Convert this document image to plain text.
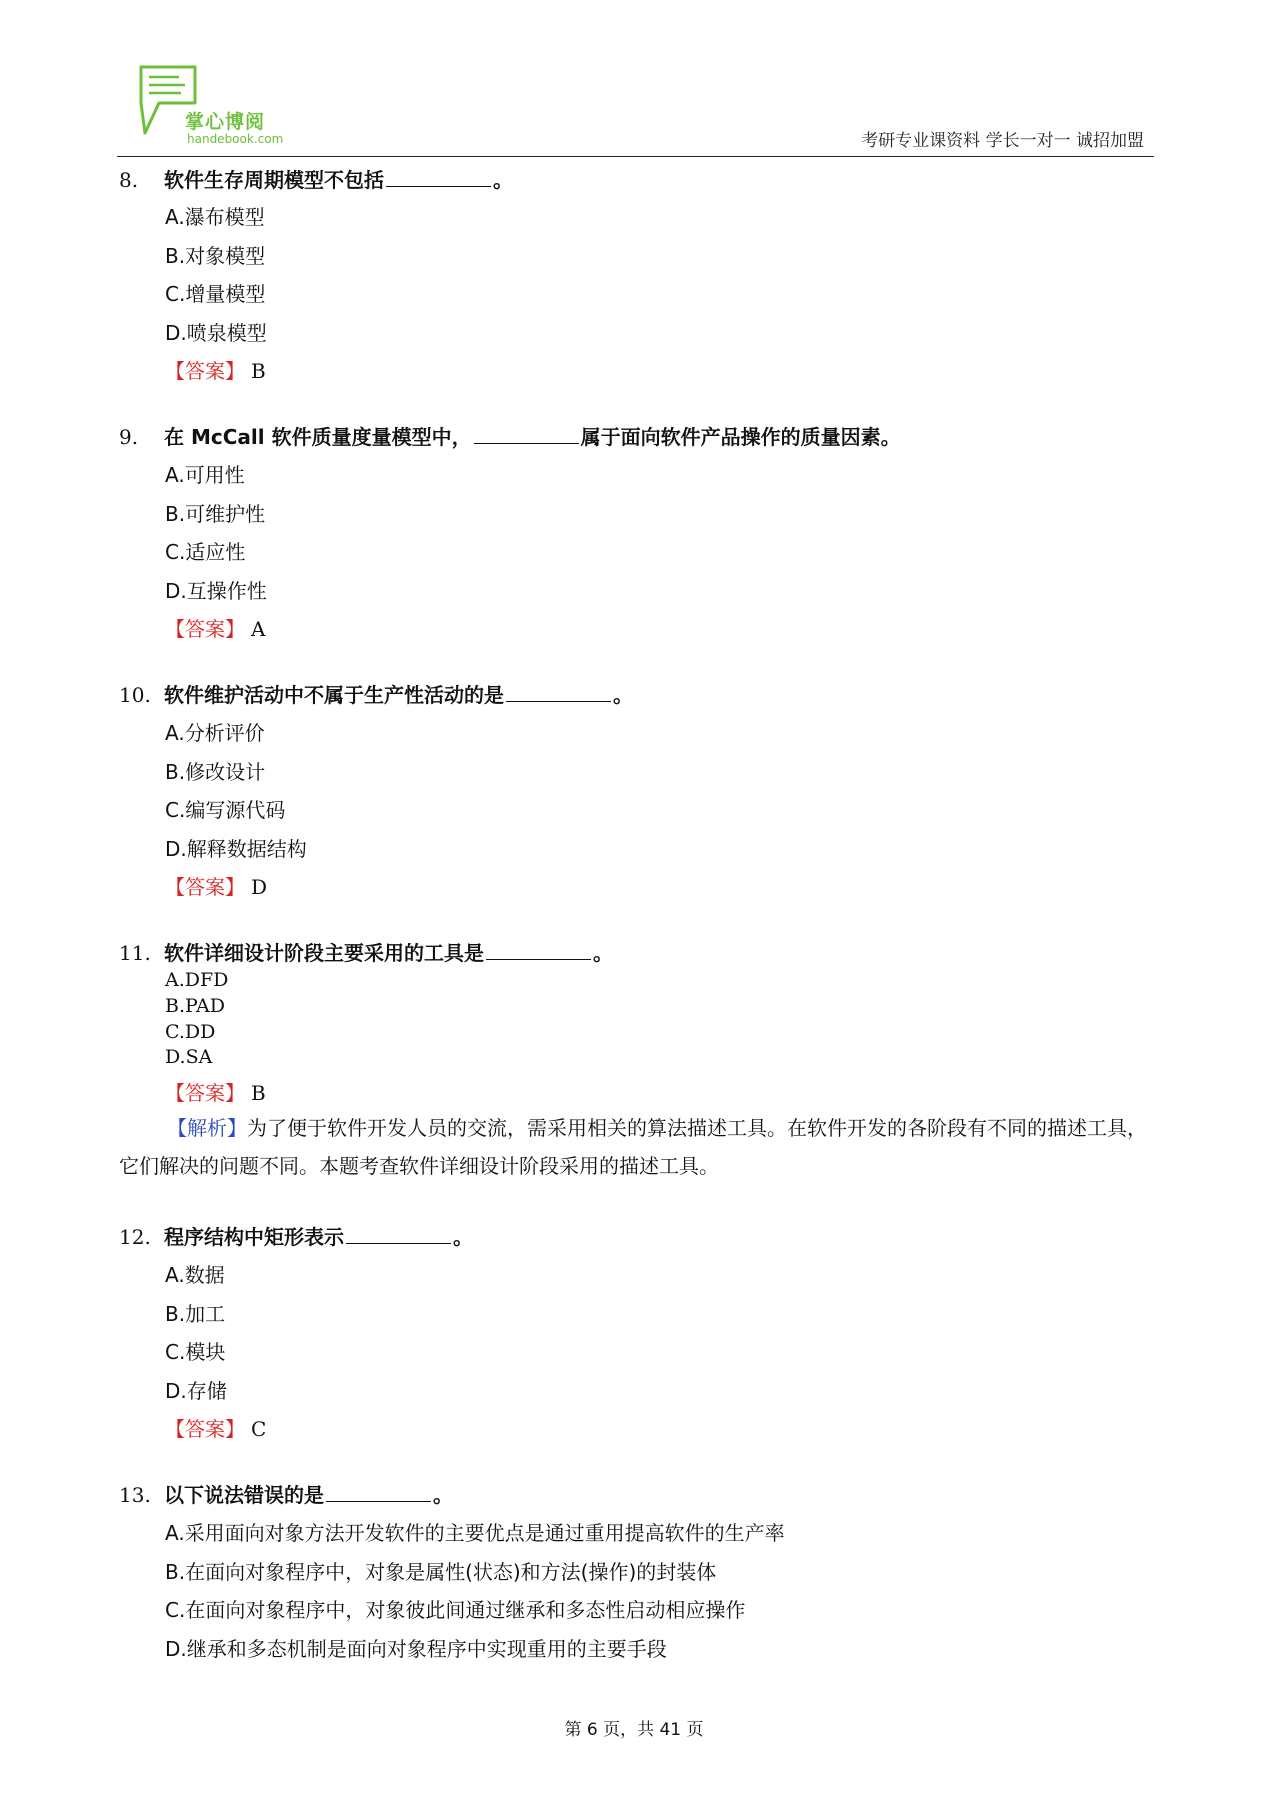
掌心博阅
handebook.com	考研专业课资料 学长一对一 诚招加盟
8. 软件生存周期模型不包括	。
A.瀑布模型
B.对象模型
C.增量模型
D.喷泉模型
【答案】 B
9. 在 McCall 软件质量度量模型中，	属于面向软件产品操作的质量因素。
A.可用性
B.可维护性
C.适应性
D.互操作性
【答案】 A
10. 软件维护活动中不属于生产性活动的是	。
A.分析评价
B.修改设计
C.编写源代码
D.解释数据结构
【答案】 D
11. 软件详细设计阶段主要采用的工具是	。
A.DFD
B.PAD
C.DD
D.SA
【答案】 B
【解析】为了便于软件开发人员的交流，需采用相关的算法描述工具。在软件开发的各阶段有不同的描述工具，它们解决的问题不同。本题考查软件详细设计阶段采用的描述工具。
12. 程序结构中矩形表示	。
A.数据
B.加工
C.模块
D.存储
【答案】 C
13. 以下说法错误的是	。
A.采用面向对象方法开发软件的主要优点是通过重用提高软件的生产率
B.在面向对象程序中，对象是属性(状态)和方法(操作)的封装体
C.在面向对象程序中，对象彼此间通过继承和多态性启动相应操作
D.继承和多态机制是面向对象程序中实现重用的主要手段
第 6 页，共 41 页
